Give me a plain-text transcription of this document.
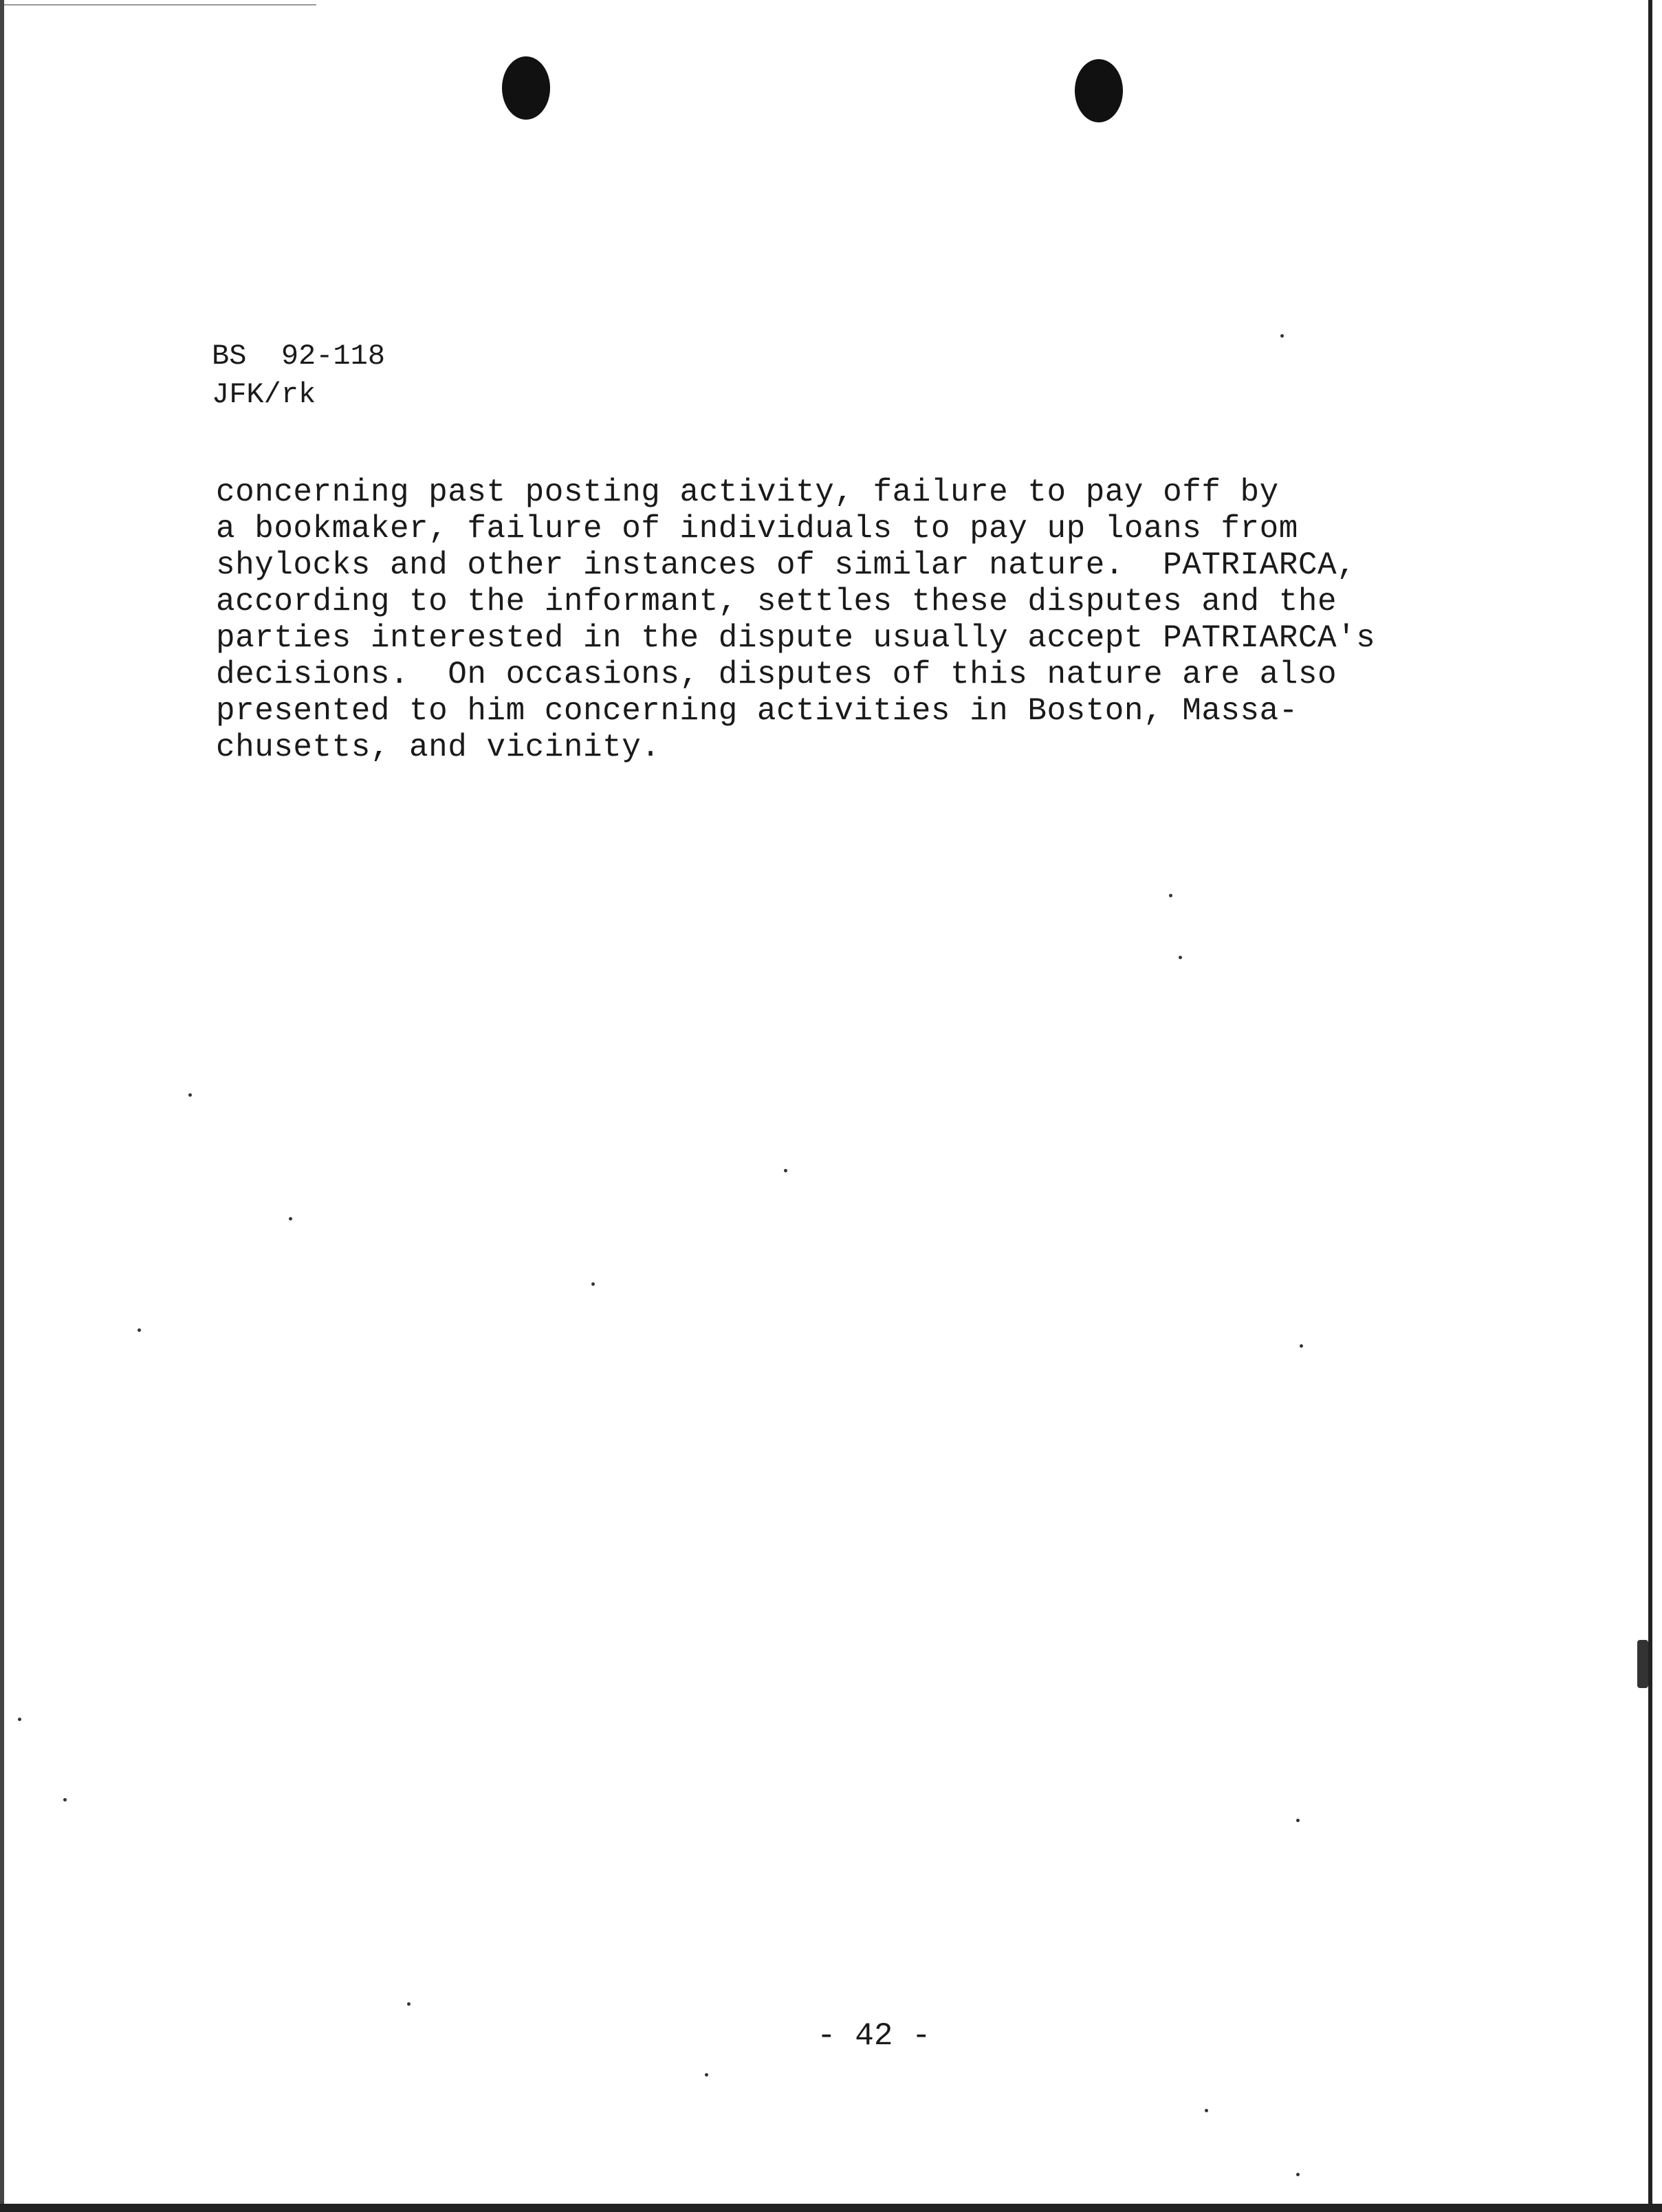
BS  92-118
JFK/rk
concerning past posting activity, failure to pay off by
a bookmaker, failure of individuals to pay up loans from
shylocks and other instances of similar nature.  PATRIARCA,
according to the informant, settles these disputes and the
parties interested in the dispute usually accept PATRIARCA's
decisions.  On occasions, disputes of this nature are also
presented to him concerning activities in Boston, Massa-
chusetts, and vicinity.
- 42 -
